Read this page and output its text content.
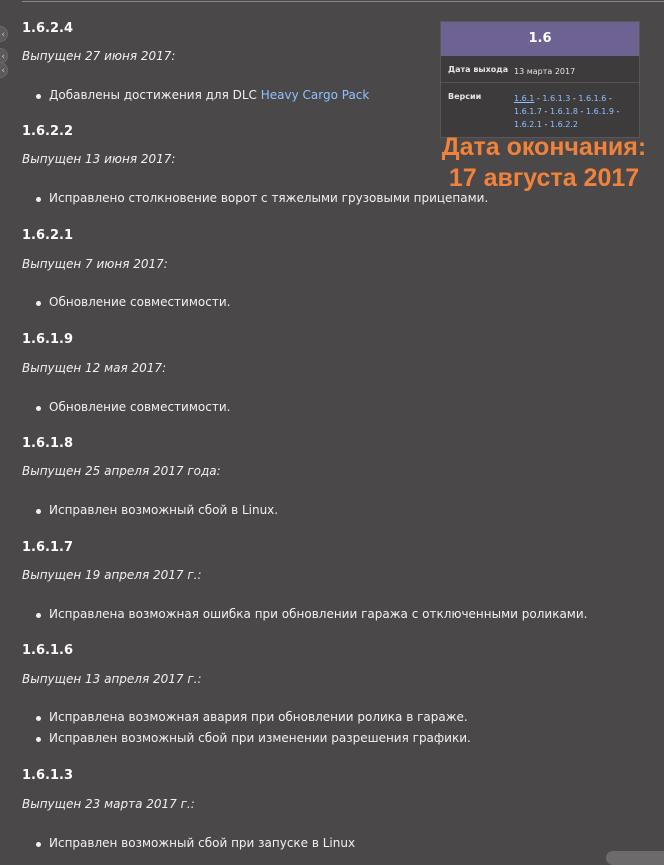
‹
‹
‹
1.6.2.4
Выпущен 27 июня 2017:
Добавлены достижения для DLC Heavy Cargo Pack
1.6.2.2
Выпущен 13 июня 2017:
Исправлено столкновение ворот с тяжелыми грузовыми прицепами.
1.6.2.1
Выпущен 7 июня 2017:
Обновление совместимости.
1.6.1.9
Выпущен 12 мая 2017:
Обновление совместимости.
1.6.1.8
Выпущен 25 апреля 2017 года:
Исправлен возможный сбой в Linux.
1.6.1.7
Выпущен 19 апреля 2017 г.:
Исправлена возможная ошибка при обновлении гаража с отключенными роликами.
1.6.1.6
Выпущен 13 апреля 2017 г.:
Исправлена возможная авария при обновлении ролика в гараже.
Исправлен возможный сбой при изменении разрешения графики.
1.6.1.3
Выпущен 23 марта 2017 г.:
Исправлен возможный сбой при запуске в Linux
1.6
Дата выхода 13 марта 2017
Версии	1.6.1 - 1.6.1.3 - 1.6.1.6 - 1.6.1.7 - 1.6.1.8 - 1.6.1.9 - 1.6.2.1 - 1.6.2.2
Дата окончания:
17 августа 2017
